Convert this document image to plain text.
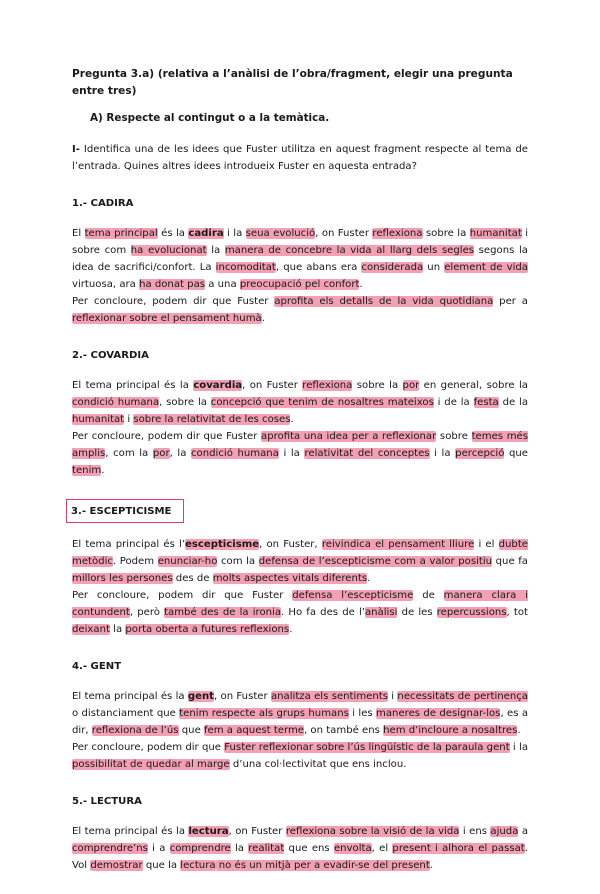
Pregunta 3.a) (relativa a l’anàlisi de l’obra/fragment, elegir una pregunta entre tres)
A) Respecte al contingut o a la temàtica.

I- Identifica una de les idees que Fuster utilitza en aquest fragment respecte al tema de l’entrada. Quines altres idees introdueix Fuster en aquesta entrada?

1.- CADIRA

El tema principal és la cadira i la seua evolució, on Fuster reflexiona sobre la humanitat i sobre com ha evolucionat la manera de concebre la vida al llarg dels segles segons la idea de sacrifici/confort. La incomoditat, que abans era considerada un element de vida virtuosa, ara ha donat pas a una preocupació pel confort.

Per concloure, podem dir que Fuster aprofita els detalls de la vida quotidiana per a reflexionar sobre el pensament humà.

2.- COVARDIA

El tema principal és la covardia, on Fuster reflexiona sobre la por en general, sobre la condició humana, sobre la concepció que tenim de nosaltres mateixos i de la festa de la humanitat i sobre la relativitat de les coses.

Per concloure, podem dir que Fuster aprofita una idea per a reflexionar sobre temes més amplis, com la por, la condició humana i la relativitat del conceptes i la percepció que tenim.

3.- ESCEPTICISME

El tema principal és l’escepticisme, on Fuster, reivindica el pensament lliure i el dubte metòdic. Podem enunciar-ho com la defensa de l’escepticisme com a valor positiu que fa millors les persones des de molts aspectes vitals diferents.

Per concloure, podem dir que Fuster defensa l’escepticisme de manera clara i contundent, però també des de la ironia. Ho fa des de l’anàlisi de les repercussions, tot deixant la porta oberta a futures reflexions.

4.- GENT

El tema principal és la gent, on Fuster analitza els sentiments i necessitats de pertinença o distanciament que tenim respecte als grups humans i les maneres de designar-los, es a dir, reflexiona de l’ús que fem a aquest terme, on també ens hem d’incloure a nosaltres.

Per concloure, podem dir que Fuster reflexionar sobre l’ús lingüístic de la paraula gent i la possibilitat de quedar al marge d’una col·lectivitat que ens inclou.

5.- LECTURA

El tema principal és la lectura, on Fuster reflexiona sobre la visió de la vida i ens ajuda a comprendre’ns i a comprendre la realitat que ens envolta, el present i alhora el passat. Vol demostrar que la lectura no és un mitjà per a evadir-se del present.
